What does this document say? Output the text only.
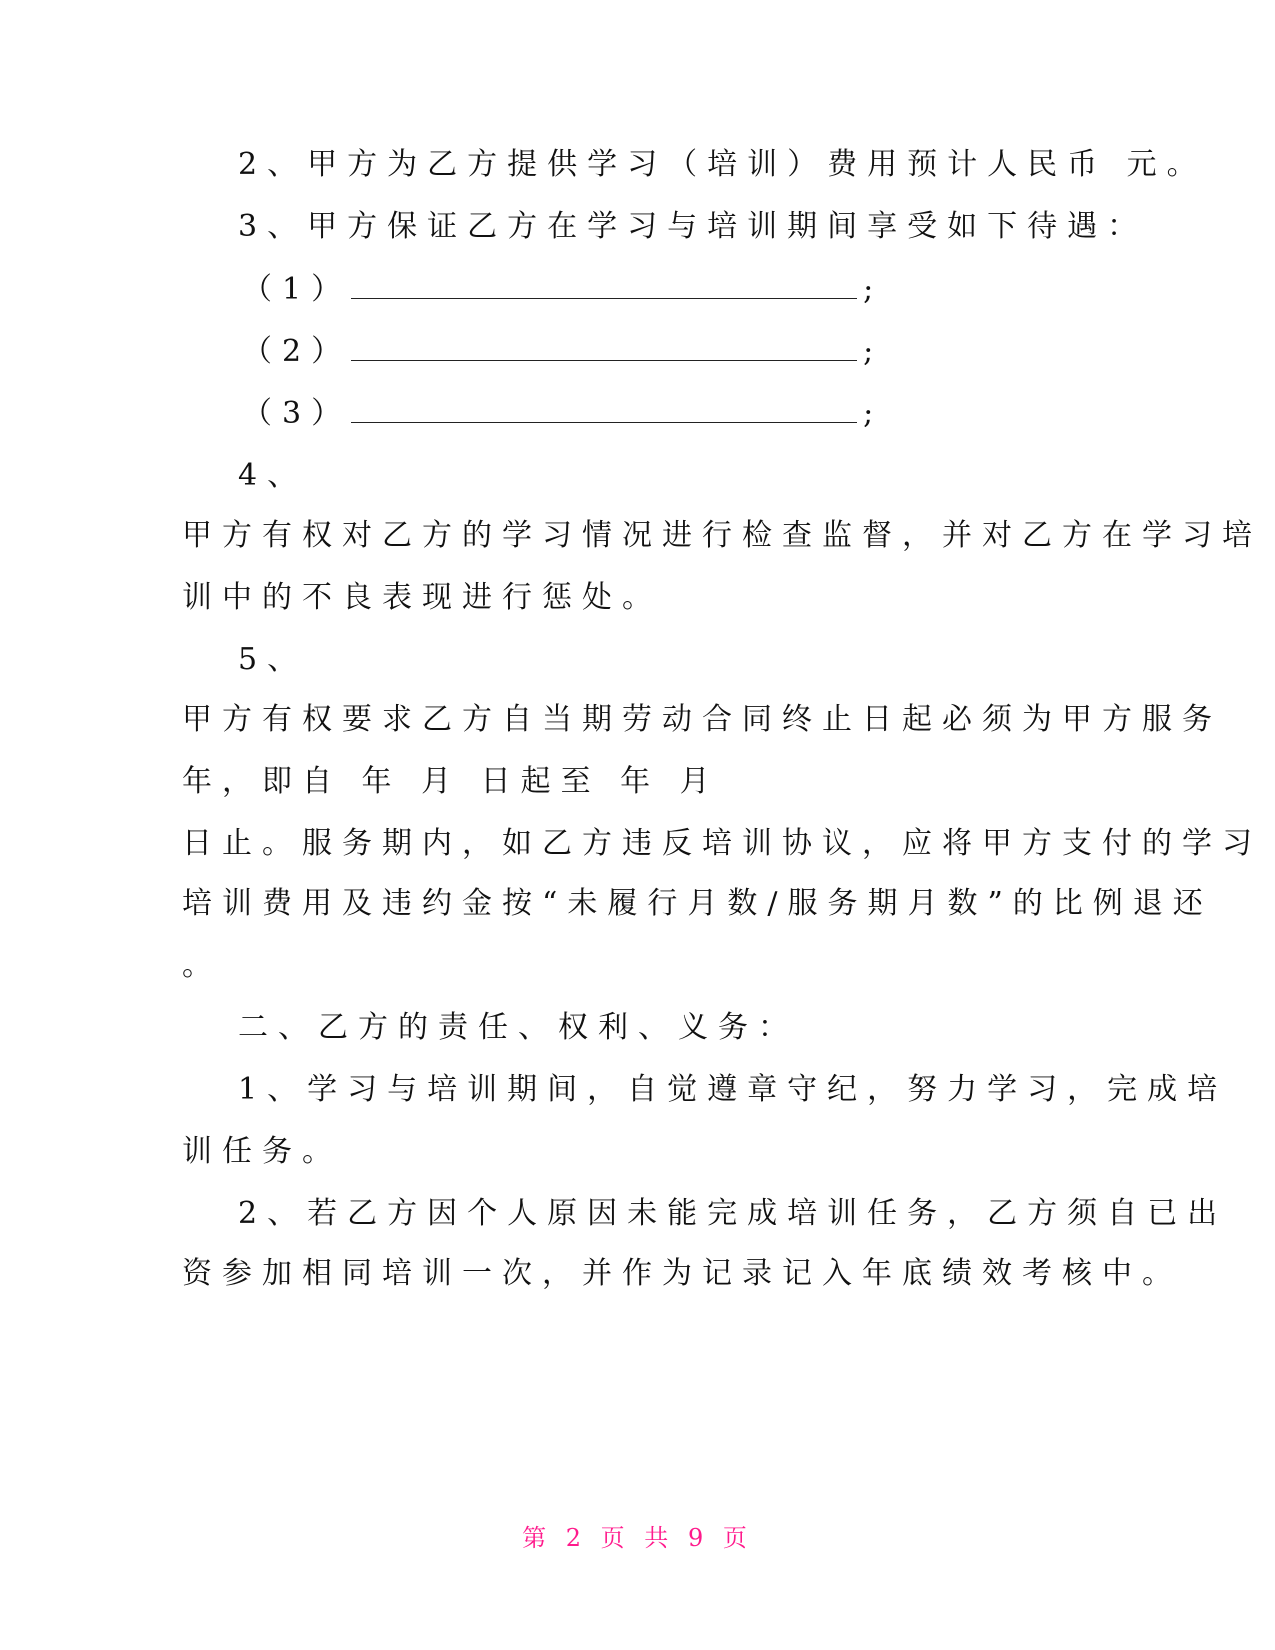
2、甲方为乙方提供学习（培训）费用预计人民币 元。
3、甲方保证乙方在学习与培训期间享受如下待遇：
（1）	;
（2）	;
（3）	;
4、
甲方有权对乙方的学习情况进行检查监督，并对乙方在学习培
训中的不良表现进行惩处。
5、
甲方有权要求乙方自当期劳动合同终止日起必须为甲方服务
年，即自 年 月 日起至 年 月
日止。服务期内，如乙方违反培训协议，应将甲方支付的学习
培训费用及违约金按“未履行月数/服务期月数”的比例退还
。
二、乙方的责任、权利、义务：
1、学习与培训期间，自觉遵章守纪，努力学习，完成培
训任务。
2、若乙方因个人原因未能完成培训任务，乙方须自已出
资参加相同培训一次，并作为记录记入年底绩效考核中。
第 2 页 共 9 页
